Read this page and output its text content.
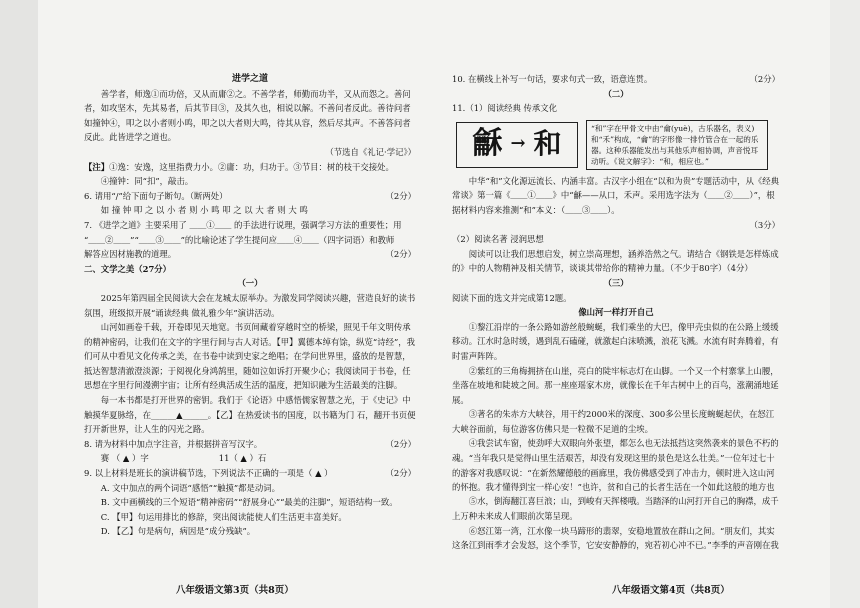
进学之道

善学者，师逸①而功倍，又从而庸②之。不善学者，师勤而功半，又从而怨之。善问者，如攻坚木，先其易者，后其节目③，及其久也，相说以解。不善问者反此。善待问者如撞钟④，叩之以小者则小鸣，叩之以大者则大鸣，待其从容，然后尽其声。不善答问者反此。此皆进学之道也。

（节选自《礼记·学记》）

【注】①逸：安逸，这里指费力小。②庸：功，归功于。③节目：树的枝干交接处。

④撞钟：同“扣”，敲击。

6. 请用“/”给下面句子断句。（断两处）	（2分）

如 撞 钟 叩 之 以 小 者 则 小 鸣 叩 之 以 大 者 则 大 鸣

7. 《进学之道》主要采用了 ＿＿①＿＿ 的手法进行说理，强调学习方法的重要性；用

“＿＿②＿＿”“＿＿③＿＿”的比喻论述了学生提问应＿＿④＿＿（四字词语）和教师

解答应因材施教的道理。	（2分）

二、文学之美（27分）

（一）

2025年第四届全民阅读大会在龙城太原举办。为激发同学阅读兴趣，营造良好的读书氛围，班级拟开展“诵读经典 做礼雅少年”演讲活动。

山河如画卷千载，开卷即见天地宽。书页间藏着穿越时空的桥梁，照见千年文明传承的精神密码，让我们在文字的字里行间与古人对话。【甲】翼德本绰有馀，纵览“诗经”，我们可从中看见文化传承之美，在书卷中读到史家之绝唱；在学问世界里，盛放的是智慧，抵达智慧清澈澄淡源；于阅视化身鸿鹄里，随如泣如诉打开聚少心；我阅读同于书卷，任思想在字里行间漫溯宇宙；让所有经典活成生活的温度，把知识融为生活最美的注脚。

每一本书都是打开世界的密钥。我们于《论语》中感悟儒家智慧之光，于《史记》中触摸华夏脉络，在______▲______。【乙】在热爱读书的国度，以书籍为门 石，翻开书页便打开新世界，让人生的闪光之路。

8. 请为材料中加点字注音，并根据拼音写汉字。	（2分）
赛 （ ▲ ）字	11（ ▲ ）石
9. 以上材料是班长的演讲稿节选，下列说法不正确的一项是（ ▲ ）	（2分）

A. 文中加点的两个词语“感悟”“触摸”都是动词。

B. 文中画横线的三个短语“精神密码”“舒展身心”“最美的注脚”，短语结构一致。

C. 【甲】句运用排比的修辞，突出阅读能使人们生活更丰富美好。

D. 【乙】句是病句，病因是“成分残缺”。

八年级语文第3页（共8页）
10. 在横线上补写一句话，要求句式一致，语意连贯。	（2分）

（二）

11.（1）阅读经典 传承文化

龢 → 和	“和”字在甲骨文中由“龠(yuè)，古乐器名，表义)和“禾”构成，“龠”的字形像一排竹管合在一起的乐器。这种乐器能发出与其他乐声相协调，声音悦耳动听。《说文解字》：“和，相应也。”

中华“和”文化源远流长、内涵丰富。古汉字小组在“以和为贵”专题活动中，从《经典常谈》第一篇《＿＿①＿＿》中“龢——从口，禾声。采用选字法为（＿＿②＿＿）”，根据材料内容来推测“和”本义：（＿＿③＿＿）。

（3分）

（2）阅读名著 浸润思想

阅读可以让我们思想启发，树立崇高理想，涵养浩然之气。请结合《钢铁是怎样炼成的》中的人物精神及相关情节，谈谈其带给你的精神力量。（不少于80字）（4分）

（三）

阅读下面的选文并完成第12题。

像山河一样打开自己

①黎江沿岸的一条公路如游丝般蜿蜒，我们乘坐的大巴，像甲壳虫似的在公路上缓缓移动。江水时急时缓，遇到乱石磕碰，就激起白沫喷溅，浪花飞溅。水流有时奔腾着，有时雷声阵阵。

②紫红的三角梅拥挤在山崖，亮白的陡牢标志灯在山脚。一个又一个村寨掌上山腰，坐落在坡地和陡坡之间。那一座座瑶家木房，就像长在千年古树中上的百鸟，涨潮涌地延展。

③著名的朱赤方大峡谷，用干约2000米的深度、300多公里长度蜿蜒起伏，在怒江大峡谷面前，每位游客仿佛只是一粒微不足道的尘埃。

④我尝试车窗，使劲呼大双眼向外张望，都怎么也无法抵挡这突然袭来的景色不朽的魂。“当年我只是觉得山里生活艰苦，却没有发现这里的景色是这么壮美。”一位年过七十的游客对我感叹说：“在新然耀德般的画廊里，我仿佛感受到了冲击力，顿时进入这山河的怀抱。我才懂得到宝一样心安！”也许，贫和自己的长者生活在一个如此这般的地方也

⑤水，倒海翻江喜巨浪；山，到峻有天挥楼哦。当踏泽的山河打开自己的胸襟，成千上万种未来成人们眼前次第呈现。

⑥怒江第一湾，江水像一块马蹄形的翡翠，安稳地置放在群山之间。“朋友们，其实这条江到雨季才会发怒，这个季节，它安安静静的，宛若初心冲不已。”李季的声音刚在我

八年级语文第4页（共8页）
